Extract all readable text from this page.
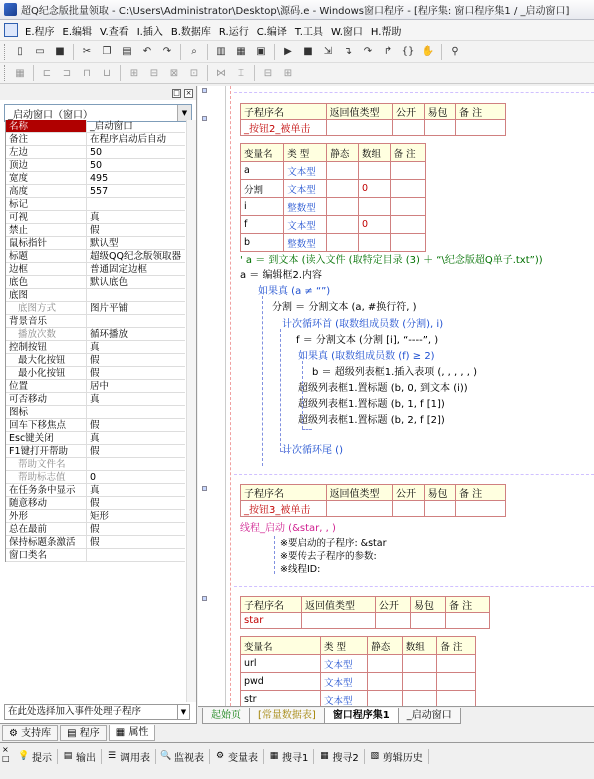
超Q纪念版批量领取 - C:\Users\Administrator\Desktop\源码.e - Windows窗口程序 - [程序集: 窗口程序集1 / _启动窗口]
E.程序 E.编辑 V.查看 I.插入 B.数据库 R.运行 C.编译 T.工具 W.窗口 H.帮助
▯	▭ ■ ✂ ❐ ▤ ↶ ↷	⌕	▥ ▦ ▣	▶	■ ⇲ ↴ ↷ ↱ {} ✋	⚲
▦ ⊏ ⊐	⊓	⊔	⊞ ⊟ ⊠ ⊡ ⋈	⌶	⊟ ⊞
□ ×
_启动窗口（窗口）	▼
名称	_启动窗口
备注	在程序启动后自动
左边	50
顶边	50
宽度	495
高度	557
标记
可视	真
禁止	假
鼠标指针	默认型
标题	超级QQ纪念版领取器
边框	普通固定边框
底色	默认底色
底图
底图方式	图片平铺
背景音乐
播放次数	循环播放
控制按钮	真
最大化按钮	假
最小化按钮	假
位置	居中
可否移动	真
图标
回车下移焦点	假
Esc键关闭	真
F1键打开帮助	假
帮助文件名
帮助标志值	0
在任务条中显示	真
随意移动	假
外形	矩形
总在最前	假
保持标题条激活	假
窗口类名
在此处选择加入事件处理子程序	▼
⚙ 支持库	▤ 程序	▦ 属性
子程序名	返回值类型	公开	易包	备 注
_按钮2_被单击				
变量名	类 型	静态	数组	备 注
a	文本型			
分割	文本型		0	
i	整数型			
f	文本型		0	
b	整数型			
' a ＝ 到文本 (读入文件 (取特定目录 (3) ＋ “\纪念版超Q单子.txt”))
a ＝ 编辑框2.内容
如果真 (a ≠ “”)
分割 ＝ 分割文本 (a, #换行符, )
计次循环首 (取数组成员数 (分割), i)
f ＝ 分割文本 (分割 [i], “----”, )
如果真 (取数组成员数 (f) ≥ 2)
b ＝ 超级列表框1.插入表项 (, , , , , )
超级列表框1.置标题 (b, 0, 到文本 (i))
超级列表框1.置标题 (b, 1, f [1])
超级列表框1.置标题 (b, 2, f [2])
计次循环尾 ()
子程序名	返回值类型	公开	易包	备 注
_按钮3_被单击				
线程_启动 (&star, , )
※要启动的子程序: &star
※要传去子程序的参数:
※线程ID:
子程序名	返回值类型	公开	易包	备 注
star				
变量名	类 型	静态	数组	备 注
url	文本型			
pwd	文本型			
str	文本型			
起始页	[常量数据表]	窗口程序集1	_启动窗口
×
□ 💡 提示 ▤ 输出 ☰ 调用表 🔍 监视表 ⚙ 变量表 ▦ 搜寻1 ▦ 搜寻2 ▧ 剪辑历史
